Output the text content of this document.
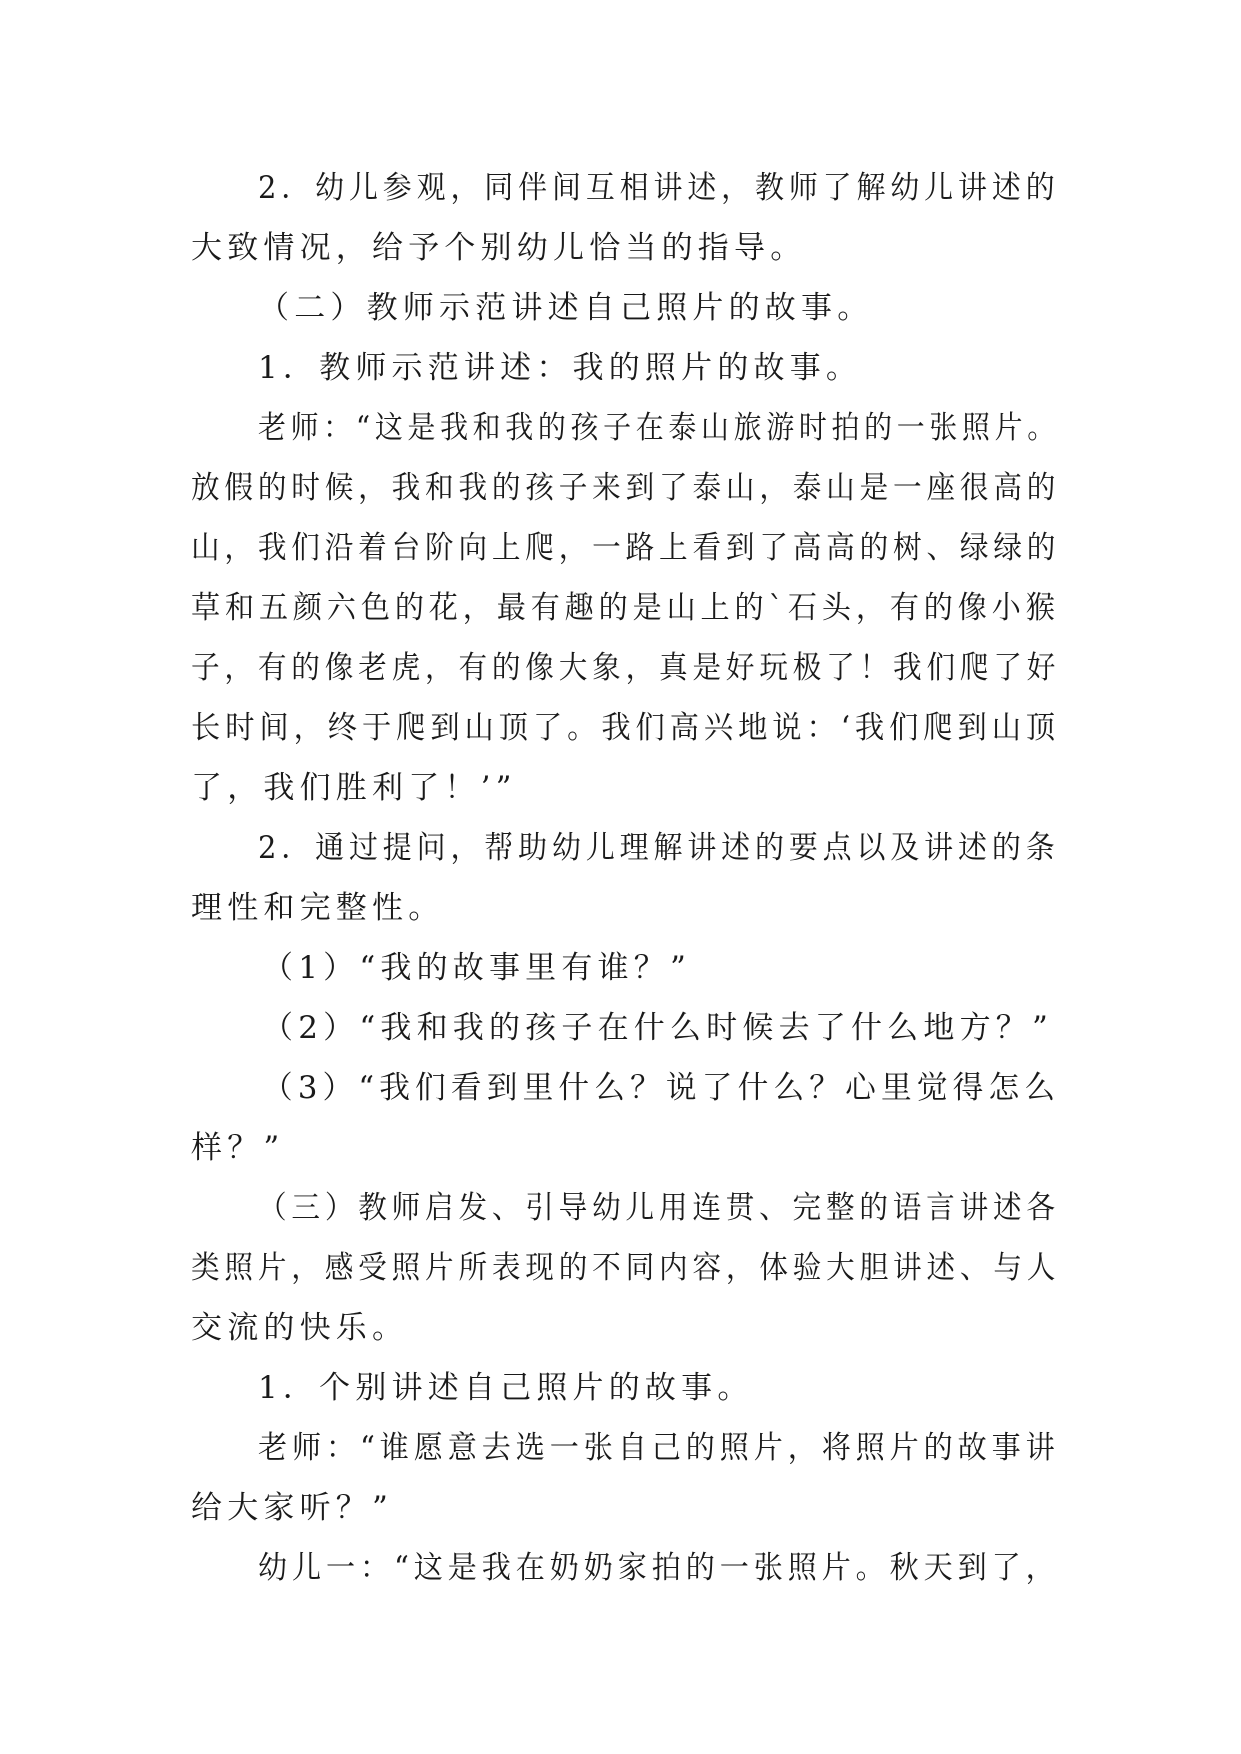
2．幼儿参观，同伴间互相讲述，教师了解幼儿讲述的
大致情况，给予个别幼儿恰当的指导。
（二）教师示范讲述自己照片的故事。
1．教师示范讲述：我的照片的故事。
老师：“这是我和我的孩子在泰山旅游时拍的一张照片。
放假的时候，我和我的孩子来到了泰山，泰山是一座很高的
山，我们沿着台阶向上爬，一路上看到了高高的树、绿绿的
草和五颜六色的花，最有趣的是山上的`石头，有的像小猴
子，有的像老虎，有的像大象，真是好玩极了！我们爬了好
长时间，终于爬到山顶了。我们高兴地说：‘我们爬到山顶
了，我们胜利了！’”
2．通过提问，帮助幼儿理解讲述的要点以及讲述的条
理性和完整性。
（1）“我的故事里有谁？”
（2）“我和我的孩子在什么时候去了什么地方？”
（3）“我们看到里什么？说了什么？心里觉得怎么
样？”
（三）教师启发、引导幼儿用连贯、完整的语言讲述各
类照片，感受照片所表现的不同内容，体验大胆讲述、与人
交流的快乐。
1．个别讲述自己照片的故事。
老师：“谁愿意去选一张自己的照片，将照片的故事讲
给大家听？”
幼儿一：“这是我在奶奶家拍的一张照片。秋天到了，
